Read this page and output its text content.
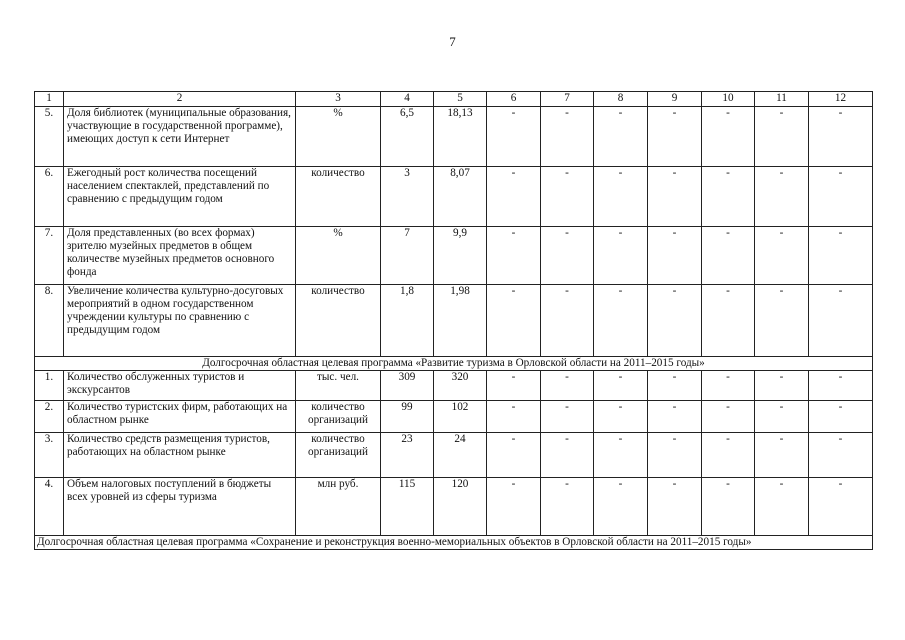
7
1	2	3	4	5	6	7	8	9	10	11	12
5.	Доля библиотек (муниципальные образования, участвующие в государственной программе), имеющих доступ к сети Интернет	%	6,5	18,13	-	-	-	-	-	-	-
6.	Ежегодный рост количества посещений населением спектаклей, представлений по сравнению с предыдущим годом	количество	3	8,07	-	-	-	-	-	-	-
7.	Доля представленных (во всех формах) зрителю музейных предметов в общем количестве музейных предметов основного фонда	%	7	9,9	-	-	-	-	-	-	-
8.	Увеличение количества культурно-досуговых мероприятий в одном государственном учреждении культуры по сравнению с предыдущим годом	количество	1,8	1,98	-	-	-	-	-	-	-
Долгосрочная областная целевая программа «Развитие туризма в Орловской области на 2011–2015 годы»											
1.	Количество обслуженных туристов и экскурсантов	тыс. чел.	309	320	-	-	-	-	-	-	-
2.	Количество туристских фирм, работающих на областном рынке	количество организаций	99	102	-	-	-	-	-	-	-
3.	Количество средств размещения туристов, работающих на областном рынке	количество организаций	23	24	-	-	-	-	-	-	-
4.	Объем налоговых поступлений в бюджеты всех уровней из сферы туризма	млн руб.	115	120	-	-	-	-	-	-	-
Долгосрочная областная целевая программа «Сохранение и реконструкция военно-мемориальных объектов в Орловской области на 2011–2015 годы»											
